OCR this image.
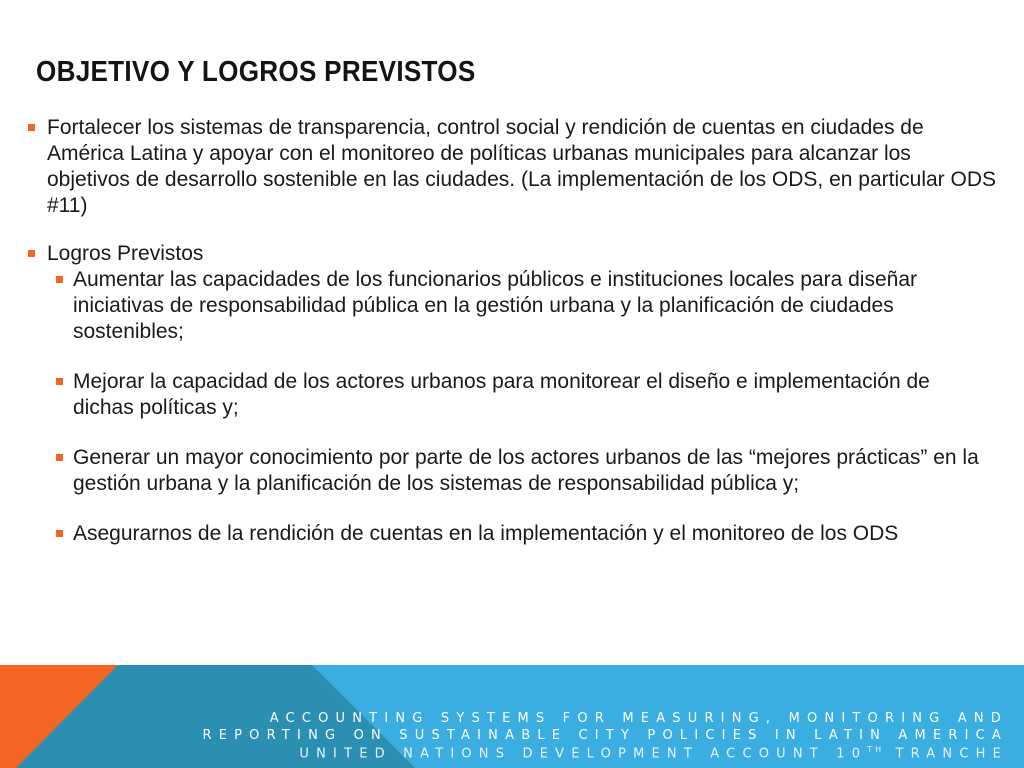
OBJETIVO Y LOGROS PREVISTOS
Fortalecer los sistemas de transparencia, control social y rendición de cuentas en ciudades de América Latina y apoyar con el monitoreo de políticas urbanas municipales para alcanzar los objetivos de desarrollo sostenible en las ciudades. (La implementación de los ODS, en particular ODS #11)
Logros Previstos
Aumentar las capacidades de los funcionarios públicos e instituciones locales para diseñar iniciativas de responsabilidad pública en la gestión urbana y la planificación de ciudades sostenibles;
Mejorar la capacidad de los actores urbanos para monitorear el diseño e implementación de dichas políticas y;
Generar un mayor conocimiento por parte de los actores urbanos de las “mejores prácticas” en la gestión urbana y la planificación de los sistemas de responsabilidad pública y;
Asegurarnos de la rendición de cuentas en la implementación y el monitoreo de los ODS
ACCOUNTING SYSTEMS FOR MEASURING, MONITORING AND
REPORTING ON SUSTAINABLE CITY POLICIES IN LATIN AMERICA
UNITED NATIONS DEVELOPMENT ACCOUNT 10TH TRANCHE
